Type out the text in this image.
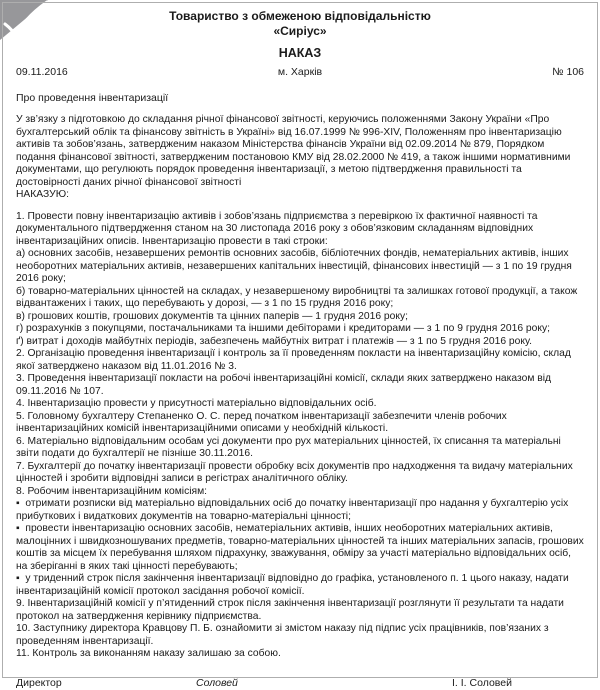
Товариство з обмеженою відповідальністю
«Сиріус»
НАКАЗ
09.11.2016	м. Харків	№ 106
Про проведення інвентаризації
У зв’язку з підготовкою до складання річної фінансової звітності, керуючись положеннями Закону України «Про бухгалтерський облік та фінансову звітність в Україні» від 16.07.1999 № 996-XIV, Положенням про інвентаризацію активів та зобов’язань, затвердженим наказом Міністерства фінансів України від 02.09.2014 № 879, Порядком подання фінансової звітності, затвердженим постановою КМУ від 28.02.2000 № 419, а також іншими нормативними документами, що регулюють порядок проведення інвентаризації, з метою підтвердження правильності та достовірності даних річної фінансової звітності
НАКАЗУЮ:
1. Провести повну інвентаризацію активів і зобов’язань підприємства з перевіркою їх фактичної наявності та документального підтвердження станом на 30 листопада 2016 року з обов’язковим складанням відповідних інвентаризаційних описів. Інвентаризацію провести в такі строки:
а) основних засобів, незавершених ремонтів основних засобів, бібліотечних фондів, нематеріальних активів, інших необоротних матеріальних активів, незавершених капітальних інвестицій, фінансових інвестицій — з 1 по 19 грудня 2016 року;
б) товарно-матеріальних цінностей на складах, у незавершеному виробництві та залишках готової продукції, а також відвантажених і таких, що перебувають у дорозі, — з 1 по 15 грудня 2016 року;
в) грошових коштів, грошових документів та цінних паперів — 1 грудня 2016 року;
г) розрахунків з покупцями, постачальниками та іншими дебіторами і кредиторами — з 1 по 9 грудня 2016 року;
ґ) витрат і доходів майбутніх періодів, забезпечень майбутніх витрат і платежів — з 1 по 5 грудня 2016 року.
2. Організацію проведення інвентаризації і контроль за її проведенням покласти на інвентаризаційну комісію, склад якої затверджено наказом від 11.01.2016 № 3.
3. Проведення інвентаризації покласти на робочі інвентаризаційні комісії, склади яких затверджено наказом від 09.11.2016 № 107.
4. Інвентаризацію провести у присутності матеріально відповідальних осіб.
5. Головному бухгалтеру Степаненко О. С. перед початком інвентаризації забезпечити членів робочих інвентаризаційних комісій інвентаризаційними описами у необхідній кількості.
6. Матеріально відповідальним особам усі документи про рух матеріальних цінностей, їх списання та матеріальні звіти подати до бухгалтерії не пізніше 30.11.2016.
7. Бухгалтерії до початку інвентаризації провести обробку всіх документів про надходження та видачу матеріальних цінностей і зробити відповідні записи в регістрах аналітичного обліку.
8. Робочим інвентаризаційним комісіям:
▪  отримати розписки від матеріально відповідальних осіб до початку інвентаризації про надання у бухгалтерію усіх прибуткових і видаткових документів на товарно-матеріальні цінності;
▪  провести інвентаризацію основних засобів, нематеріальних активів, інших необоротних матеріальних активів, малоцінних і швидкозношуваних предметів, товарно-матеріальних цінностей та інших матеріальних запасів, грошових коштів за місцем їх перебування шляхом підрахунку, зважування, обміру за участі матеріально відповідальних осіб, на зберіганні в яких такі цінності перебувають;
▪  у триденний строк після закінчення інвентаризації відповідно до графіка, установленого п. 1 цього наказу, надати інвентаризаційній комісії протокол засідання робочої комісії.
9. Інвентаризаційній комісії у п’ятиденний строк після закінчення інвентаризації розглянути її результати та надати протокол на затвердження керівнику підприємства.
10. Заступнику директора Кравцову П. Б. ознайомити зі змістом наказу під підпис усіх працівників, пов’язаних з проведенням інвентаризації.
11. Контроль за виконанням наказу залишаю за собою.
Директор	Соловей	І. І. Соловей
